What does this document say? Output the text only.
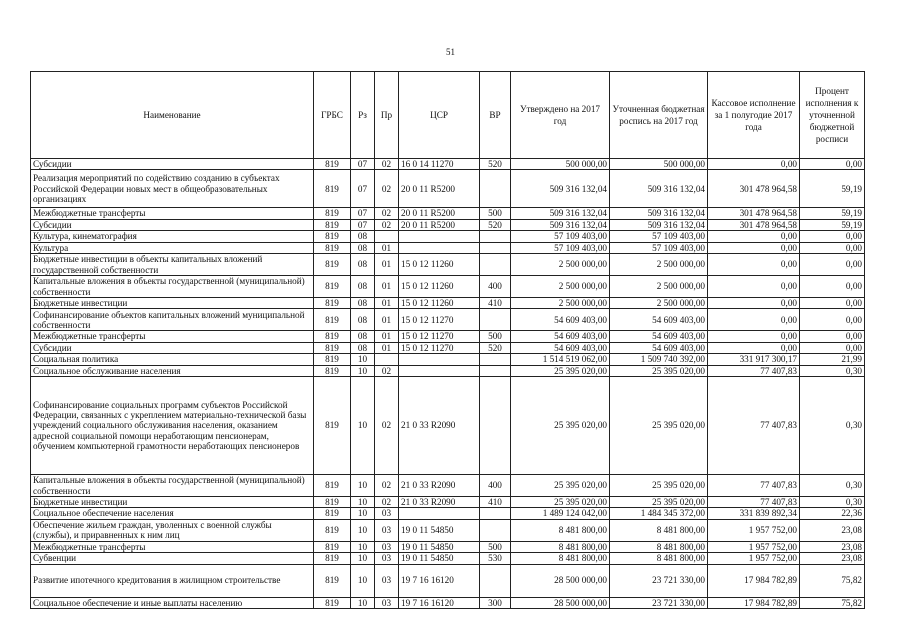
51
Наименование	ГРБС	Рз	Пр	ЦСР	ВР	Утверждено на 2017 год	Уточненная бюджетная роспись на 2017 год	Кассовое исполнение за 1 полугодие 2017 года	Процент исполнения к уточненной бюджетной росписи
Субсидии	819	07	02	16 0 14 11270	520	500 000,00	500 000,00	0,00	0,00
Реализация мероприятий по содействию созданию в субъектах Российской Федерации новых мест в общеобразовательных организациях	819	07	02	20 0 11 R5200		509 316 132,04	509 316 132,04	301 478 964,58	59,19
Межбюджетные трансферты	819	07	02	20 0 11 R5200	500	509 316 132,04	509 316 132,04	301 478 964,58	59,19
Субсидии	819	07	02	20 0 11 R5200	520	509 316 132,04	509 316 132,04	301 478 964,58	59,19
Культура, кинематография	819	08				57 109 403,00	57 109 403,00	0,00	0,00
Культура	819	08	01			57 109 403,00	57 109 403,00	0,00	0,00
Бюджетные инвестиции в объекты капитальных вложений государственной собственности	819	08	01	15 0 12 11260		2 500 000,00	2 500 000,00	0,00	0,00
Капитальные вложения в объекты государственной (муниципальной) собственности	819	08	01	15 0 12 11260	400	2 500 000,00	2 500 000,00	0,00	0,00
Бюджетные инвестиции	819	08	01	15 0 12 11260	410	2 500 000,00	2 500 000,00	0,00	0,00
Софинансирование объектов капитальных вложений муниципальной собственности	819	08	01	15 0 12 11270		54 609 403,00	54 609 403,00	0,00	0,00
Межбюджетные трансферты	819	08	01	15 0 12 11270	500	54 609 403,00	54 609 403,00	0,00	0,00
Субсидии	819	08	01	15 0 12 11270	520	54 609 403,00	54 609 403,00	0,00	0,00
Социальная политика	819	10				1 514 519 062,00	1 509 740 392,00	331 917 300,17	21,99
Социальное обслуживание населения	819	10	02			25 395 020,00	25 395 020,00	77 407,83	0,30
Софинансирование социальных программ субъектов Российской Федерации, связанных с укреплением материально-технической базы учреждений социального обслуживания населения, оказанием адресной социальной помощи неработающим пенсионерам, обучением компьютерной грамотности неработающих пенсионеров	819	10	02	21 0 33 R2090		25 395 020,00	25 395 020,00	77 407,83	0,30
Капитальные вложения в объекты государственной (муниципальной) собственности	819	10	02	21 0 33 R2090	400	25 395 020,00	25 395 020,00	77 407,83	0,30
Бюджетные инвестиции	819	10	02	21 0 33 R2090	410	25 395 020,00	25 395 020,00	77 407,83	0,30
Социальное обеспечение населения	819	10	03			1 489 124 042,00	1 484 345 372,00	331 839 892,34	22,36
Обеспечение жильем граждан, уволенных с военной службы (службы), и приравненных к ним лиц	819	10	03	19 0 11 54850		8 481 800,00	8 481 800,00	1 957 752,00	23,08
Межбюджетные трансферты	819	10	03	19 0 11 54850	500	8 481 800,00	8 481 800,00	1 957 752,00	23,08
Субвенции	819	10	03	19 0 11 54850	530	8 481 800,00	8 481 800,00	1 957 752,00	23,08
Развитие ипотечного кредитования в жилищном строительстве	819	10	03	19 7 16 16120		28 500 000,00	23 721 330,00	17 984 782,89	75,82
Социальное обеспечение и иные выплаты населению	819	10	03	19 7 16 16120	300	28 500 000,00	23 721 330,00	17 984 782,89	75,82
